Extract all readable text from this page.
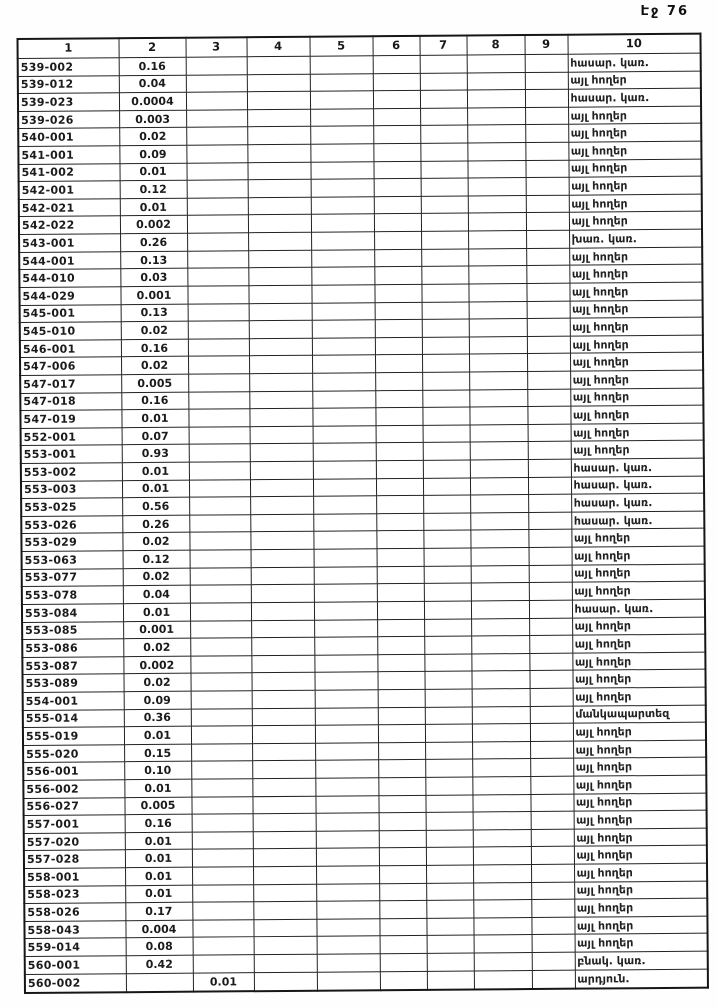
Էջ 76
1	2	3	4	5	6	7	8	9	10
539-002	0.16								հասար. կառ.
539-012	0.04								այլ հողեր
539-023	0.0004								հասար. կառ.
539-026	0.003								այլ հողեր
540-001	0.02								այլ հողեր
541-001	0.09								այլ հողեր
541-002	0.01								այլ հողեր
542-001	0.12								այլ հողեր
542-021	0.01								այլ հողեր
542-022	0.002								այլ հողեր
543-001	0.26								խառ. կառ.
544-001	0.13								այլ հողեր
544-010	0.03								այլ հողեր
544-029	0.001								այլ հողեր
545-001	0.13								այլ հողեր
545-010	0.02								այլ հողեր
546-001	0.16								այլ հողեր
547-006	0.02								այլ հողեր
547-017	0.005								այլ հողեր
547-018	0.16								այլ հողեր
547-019	0.01								այլ հողեր
552-001	0.07								այլ հողեր
553-001	0.93								այլ հողեր
553-002	0.01								հասար. կառ.
553-003	0.01								հասար. կառ.
553-025	0.56								հասար. կառ.
553-026	0.26								հասար. կառ.
553-029	0.02								այլ հողեր
553-063	0.12								այլ հողեր
553-077	0.02								այլ հողեր
553-078	0.04								այլ հողեր
553-084	0.01								հասար. կառ.
553-085	0.001								այլ հողեր
553-086	0.02								այլ հողեր
553-087	0.002								այլ հողեր
553-089	0.02								այլ հողեր
554-001	0.09								այլ հողեր
555-014	0.36								մանկապարտեզ
555-019	0.01								այլ հողեր
555-020	0.15								այլ հողեր
556-001	0.10								այլ հողեր
556-002	0.01								այլ հողեր
556-027	0.005								այլ հողեր
557-001	0.16								այլ հողեր
557-020	0.01								այլ հողեր
557-028	0.01								այլ հողեր
558-001	0.01								այլ հողեր
558-023	0.01								այլ հողեր
558-026	0.17								այլ հողեր
558-043	0.004								այլ հողեր
559-014	0.08								այլ հողեր
560-001	0.42								բնակ. կառ.
560-002		0.01							արդյուն.
